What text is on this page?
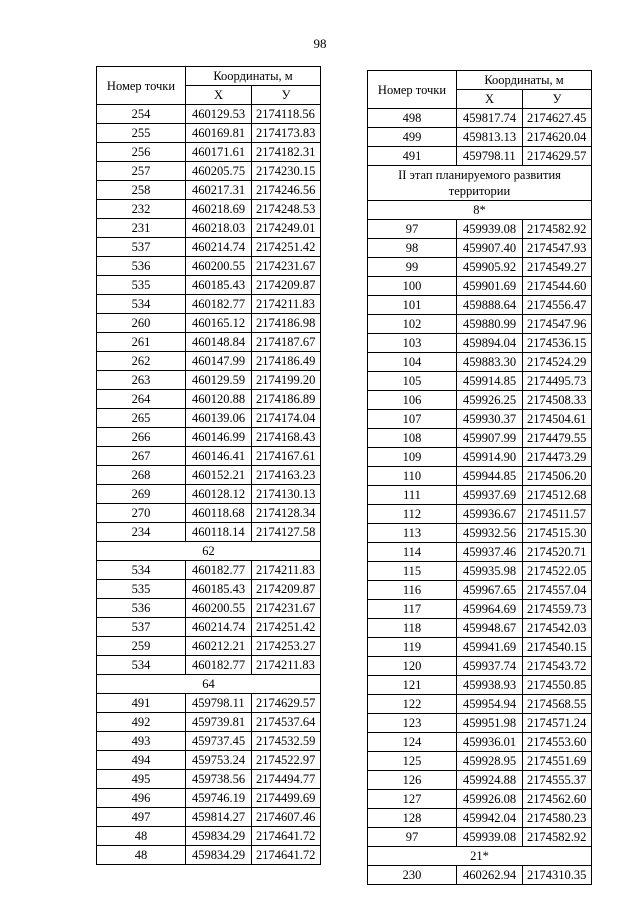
98
Номер точки	Координаты, м	
	X	У
254	460129.53	2174118.56
255	460169.81	2174173.83
256	460171.61	2174182.31
257	460205.75	2174230.15
258	460217.31	2174246.56
232	460218.69	2174248.53
231	460218.03	2174249.01
537	460214.74	2174251.42
536	460200.55	2174231.67
535	460185.43	2174209.87
534	460182.77	2174211.83
260	460165.12	2174186.98
261	460148.84	2174187.67
262	460147.99	2174186.49
263	460129.59	2174199.20
264	460120.88	2174186.89
265	460139.06	2174174.04
266	460146.99	2174168.43
267	460146.41	2174167.61
268	460152.21	2174163.23
269	460128.12	2174130.13
270	460118.68	2174128.34
234	460118.14	2174127.58
62		
534	460182.77	2174211.83
535	460185.43	2174209.87
536	460200.55	2174231.67
537	460214.74	2174251.42
259	460212.21	2174253.27
534	460182.77	2174211.83
64		
491	459798.11	2174629.57
492	459739.81	2174537.64
493	459737.45	2174532.59
494	459753.24	2174522.97
495	459738.56	2174494.77
496	459746.19	2174499.69
497	459814.27	2174607.46
48	459834.29	2174641.72
48	459834.29	2174641.72
Номер точки	Координаты, м	
	X	У
498	459817.74	2174627.45
499	459813.13	2174620.04
491	459798.11	2174629.57
II этап планируемого развития территории		
8*		
97	459939.08	2174582.92
98	459907.40	2174547.93
99	459905.92	2174549.27
100	459901.69	2174544.60
101	459888.64	2174556.47
102	459880.99	2174547.96
103	459894.04	2174536.15
104	459883.30	2174524.29
105	459914.85	2174495.73
106	459926.25	2174508.33
107	459930.37	2174504.61
108	459907.99	2174479.55
109	459914.90	2174473.29
110	459944.85	2174506.20
111	459937.69	2174512.68
112	459936.67	2174511.57
113	459932.56	2174515.30
114	459937.46	2174520.71
115	459935.98	2174522.05
116	459967.65	2174557.04
117	459964.69	2174559.73
118	459948.67	2174542.03
119	459941.69	2174540.15
120	459937.74	2174543.72
121	459938.93	2174550.85
122	459954.94	2174568.55
123	459951.98	2174571.24
124	459936.01	2174553.60
125	459928.95	2174551.69
126	459924.88	2174555.37
127	459926.08	2174562.60
128	459942.04	2174580.23
97	459939.08	2174582.92
21*		
230	460262.94	2174310.35
